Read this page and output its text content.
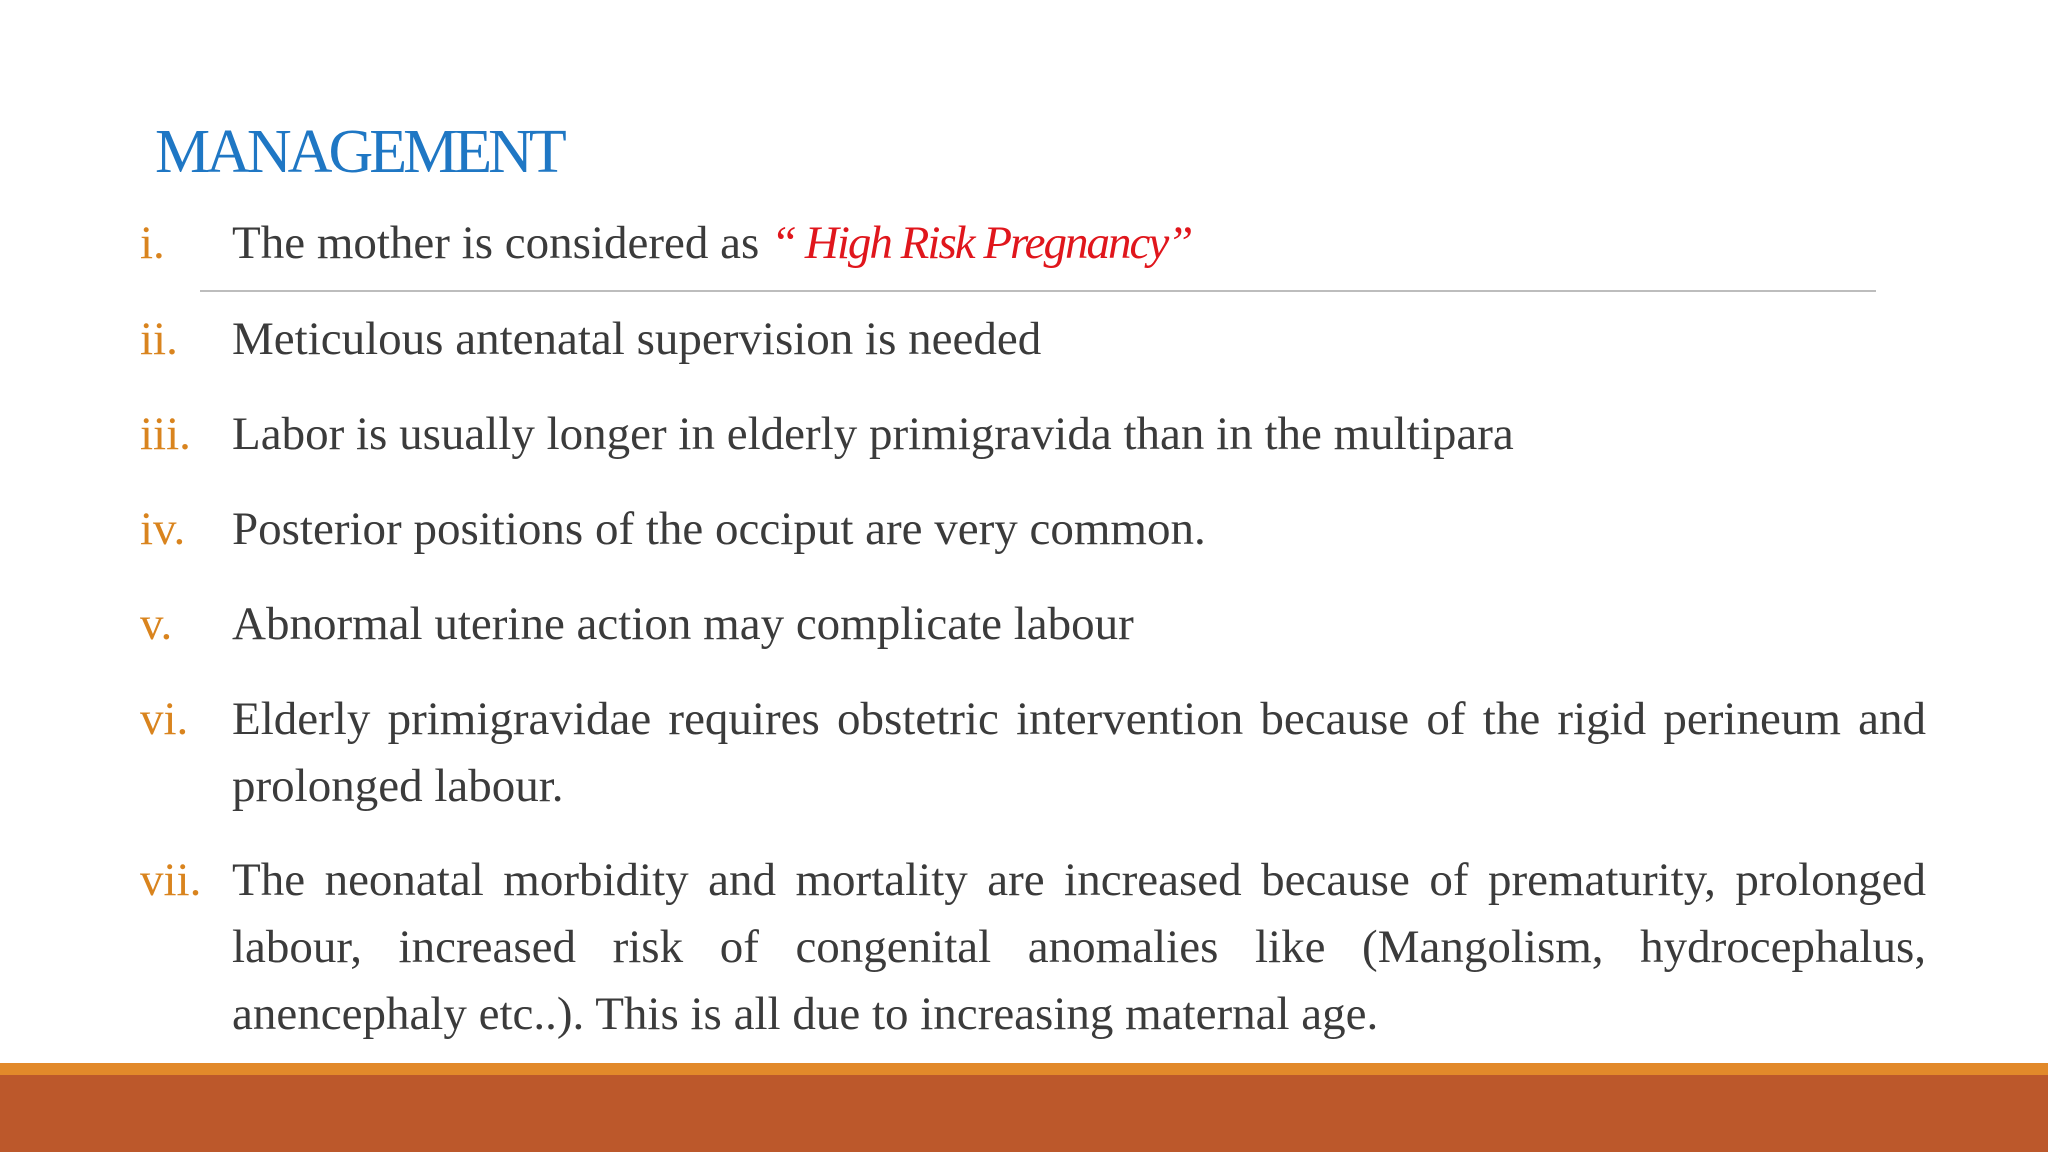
MANAGEMENT
i.	The mother is considered as “ High Risk Pregnancy”
ii.	Meticulous antenatal supervision is needed
iii. Labor is usually longer in elderly primigravida than in the multipara
iv. Posterior positions of the occiput are very common.
v.	Abnormal uterine action may complicate labour
vi. Elderly primigravidae requires obstetric intervention because of the rigid perineum and prolonged labour.
vii. The neonatal morbidity and mortality are increased because of prematurity, prolonged labour, increased risk of congenital anomalies like (Mangolism, hydrocephalus, anencephaly etc..). This is all due to increasing maternal age.
